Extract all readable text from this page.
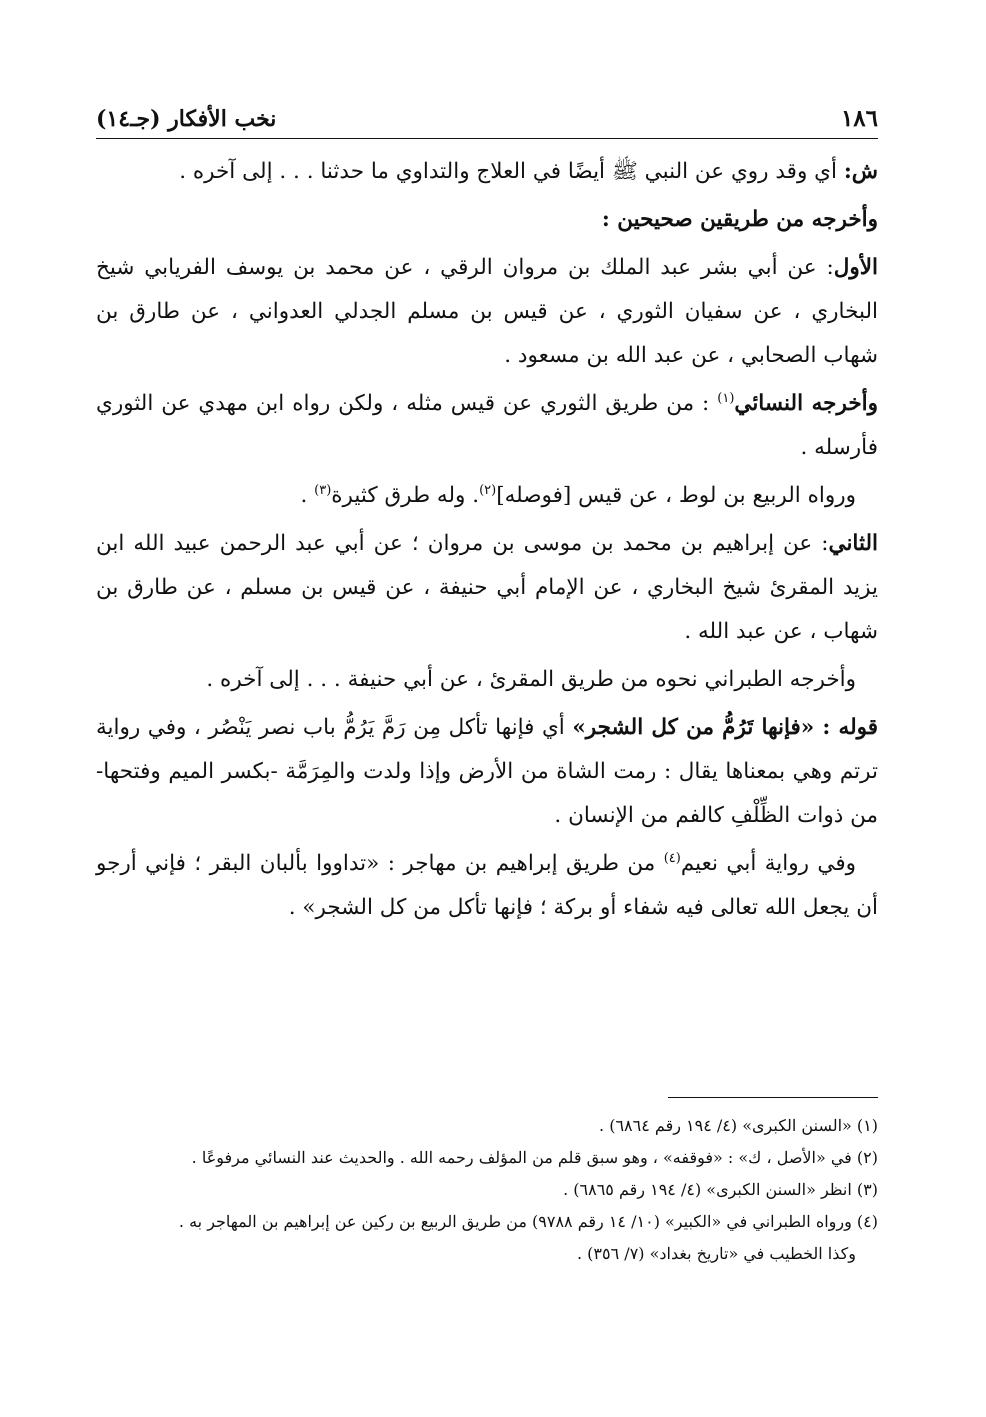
١٨٦
نخب الأفكار (جـ١٤)

ش: أي وقد روي عن النبي ﷺ أيضًا في العلاج والتداوي ما حدثنا . . . إلى آخره .

وأخرجه من طريقين صحيحين :

الأول: عن أبي بشر عبد الملك بن مروان الرقي ، عن محمد بن يوسف الفريابي شيخ البخاري ، عن سفيان الثوري ، عن قيس بن مسلم الجدلي العدواني ، عن طارق بن شهاب الصحابي ، عن عبد الله بن مسعود .

وأخرجه النسائي$^{(١)}$ : من طريق الثوري عن قيس مثله ، ولكن رواه ابن مهدي عن الثوري فأرسله .

ورواه الربيع بن لوط ، عن قيس [فوصله]$^{(٢)}$. وله طرق كثيرة$^{(٣)}$ .

الثاني: عن إبراهيم بن محمد بن موسى بن مروان ؛ عن أبي عبد الرحمن عبيد الله ابن يزيد المقرئ شيخ البخاري ، عن الإمام أبي حنيفة ، عن قيس بن مسلم ، عن طارق بن شهاب ، عن عبد الله .

وأخرجه الطبراني نحوه من طريق المقرئ ، عن أبي حنيفة . . . إلى آخره .

قوله : «فإنها تَرُمُّ من كل الشجر» أي فإنها تأكل مِن رَمَّ يَرُمُّ باب نصر يَنْصُر ، وفي رواية ترتم وهي بمعناها يقال : رمت الشاة من الأرض وإذا ولدت والمِرَمَّة -بكسر الميم وفتحها- من ذوات الظِّلْفِ كالفم من الإنسان .

وفي رواية أبي نعيم$^{(٤)}$ من طريق إبراهيم بن مهاجر : «تداووا بألبان البقر ؛ فإني أرجو أن يجعل الله تعالى فيه شفاء أو بركة ؛ فإنها تأكل من كل الشجر» .

(١) «السنن الكبرى» (٤/ ١٩٤ رقم ٦٨٦٤) .

(٢) في «الأصل ، ك» : «فوقفه» ، وهو سبق قلم من المؤلف رحمه الله . والحديث عند النسائي مرفوعًا .

(٣) انظر «السنن الكبرى» (٤/ ١٩٤ رقم ٦٨٦٥) .

(٤) ورواه الطبراني في «الكبير» (١٠/ ١٤ رقم ٩٧٨٨) من طريق الربيع بن ركين عن إبراهيم بن المهاجر به .

وكذا الخطيب في «تاريخ بغداد» (٧/ ٣٥٦) .
